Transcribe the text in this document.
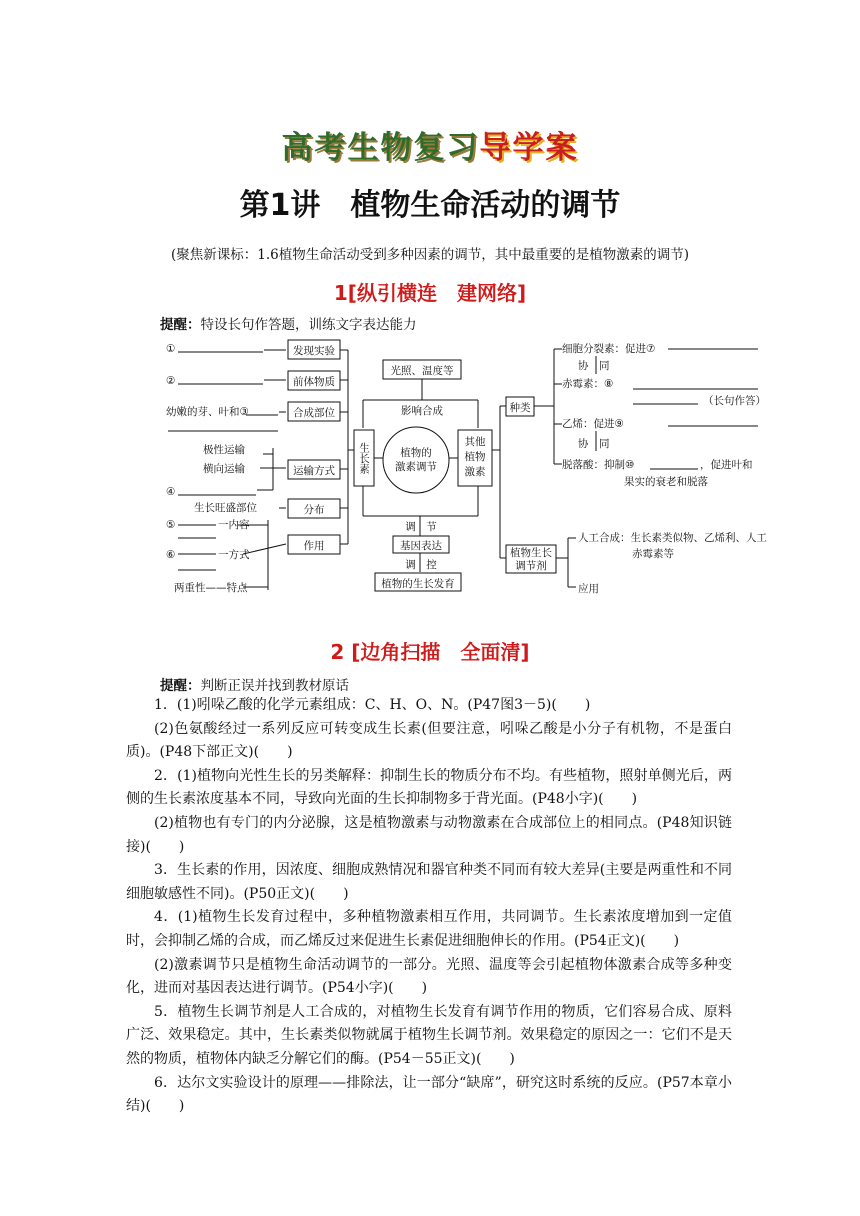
高考生物复习导学案
第1讲　植物生命活动的调节
(聚焦新课标：1.6植物生命活动受到多种因素的调节，其中最重要的是植物激素的调节)
1[纵引横连　建网络]
提醒：特设长句作答题，训练文字表达能力
①
②
幼嫩的芽、叶和③
极性运输
横向运输
④
生长旺盛部位
⑤	一内容
⑥	一方式
两重性——特点
发现实验
前体物质
合成部位
运输方式
分布
作用
光照、温度等
影响合成
生长素	植物的
激素调节
其他
植物
激素
调　节
基因表达
调　控
植物的生长发育
种类
细胞分裂素：促进⑦
协　同
赤霉素：⑧
（长句作答）
乙烯：促进⑨
协　同
脱落酸：抑制⑩	，促进叶和
果实的衰老和脱落
植物生长
调节剂
人工合成：生长素类似物、乙烯利、人工
赤霉素等
应用
2 [边角扫描　全面清]
提醒：判断正误并找到教材原话

1．(1)吲哚乙酸的化学元素组成：C、H、O、N。(P47图3－5)(　　)

(2)色氨酸经过一系列反应可转变成生长素(但要注意，吲哚乙酸是小分子有机物，不是蛋白质)。(P48下部正文)(　　)

2．(1)植物向光性生长的另类解释：抑制生长的物质分布不均。有些植物，照射单侧光后，两侧的生长素浓度基本不同，导致向光面的生长抑制物多于背光面。(P48小字)(　　)

(2)植物也有专门的内分泌腺，这是植物激素与动物激素在合成部位上的相同点。(P48知识链接)(　　)

3．生长素的作用，因浓度、细胞成熟情况和器官种类不同而有较大差异(主要是两重性和不同细胞敏感性不同)。(P50正文)(　　)

4．(1)植物生长发育过程中，多种植物激素相互作用，共同调节。生长素浓度增加到一定值时，会抑制乙烯的合成，而乙烯反过来促进生长素促进细胞伸长的作用。(P54正文)(　　)

(2)激素调节只是植物生命活动调节的一部分。光照、温度等会引起植物体激素合成等多种变化，进而对基因表达进行调节。(P54小字)(　　)

5．植物生长调节剂是人工合成的，对植物生长发育有调节作用的物质，它们容易合成、原料广泛、效果稳定。其中，生长素类似物就属于植物生长调节剂。效果稳定的原因之一：它们不是天然的物质，植物体内缺乏分解它们的酶。(P54－55正文)(　　)

6．达尔文实验设计的原理——排除法，让一部分“缺席”，研究这时系统的反应。(P57本章小结)(　　)
